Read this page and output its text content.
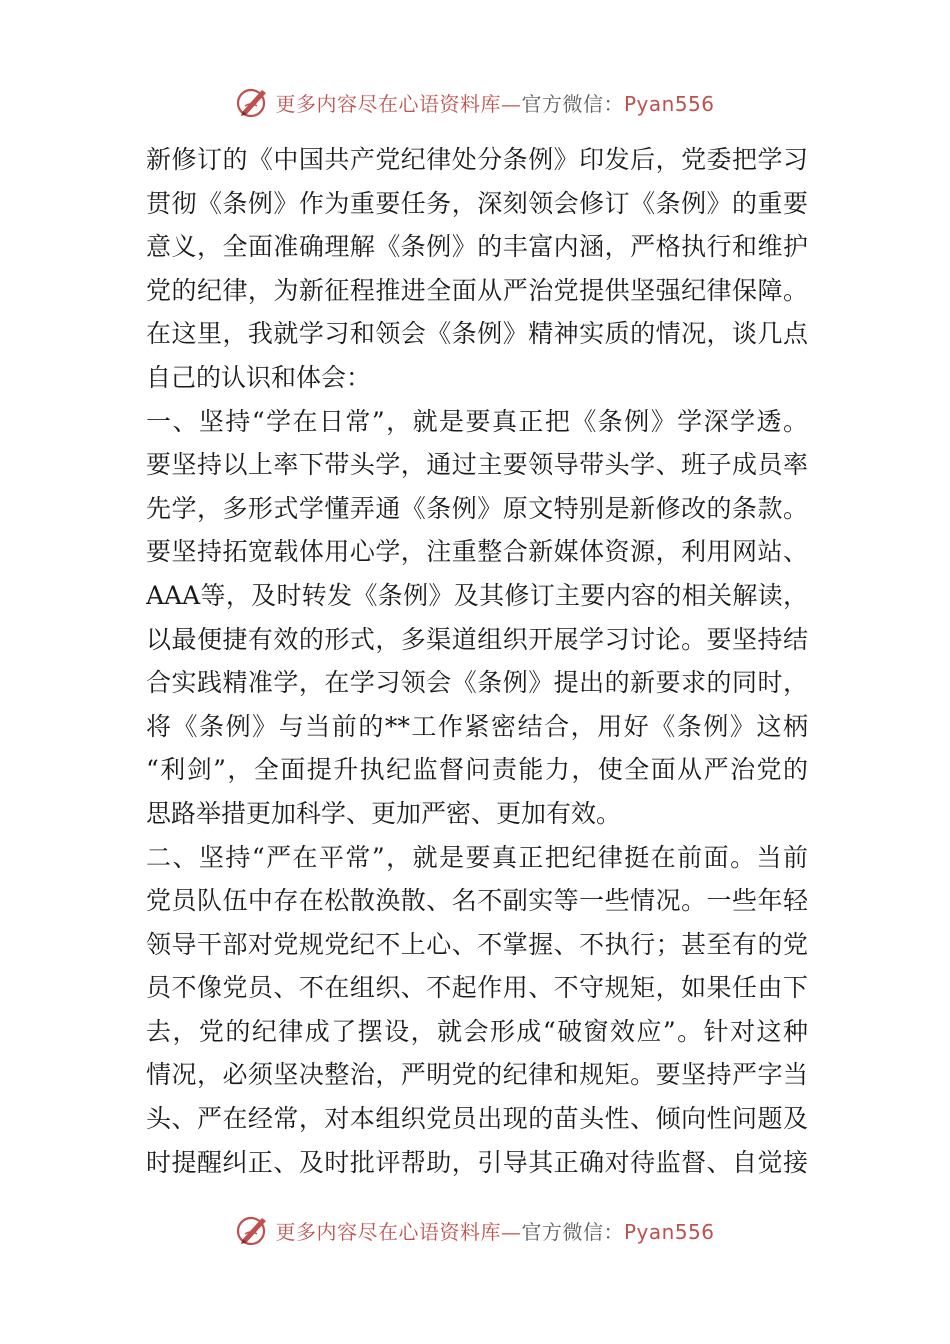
更多内容尽在心语资料库—官方微信：Pyan556
新修订的《中国共产党纪律处分条例》印发后，党委把学习
贯彻《条例》作为重要任务，深刻领会修订《条例》的重要
意义，全面准确理解《条例》的丰富内涵，严格执行和维护
党的纪律，为新征程推进全面从严治党提供坚强纪律保障。
在这里，我就学习和领会《条例》精神实质的情况，谈几点
自己的认识和体会：
一、坚持“学在日常”，就是要真正把《条例》学深学透。
要坚持以上率下带头学，通过主要领导带头学、班子成员率
先学，多形式学懂弄通《条例》原文特别是新修改的条款。
要坚持拓宽载体用心学，注重整合新媒体资源，利用网站、
AAA等，及时转发《条例》及其修订主要内容的相关解读，
以最便捷有效的形式，多渠道组织开展学习讨论。要坚持结
合实践精准学，在学习领会《条例》提出的新要求的同时，
将《条例》与当前的**工作紧密结合，用好《条例》这柄
“利剑”，全面提升执纪监督问责能力，使全面从严治党的
思路举措更加科学、更加严密、更加有效。
二、坚持“严在平常”，就是要真正把纪律挺在前面。当前
党员队伍中存在松散涣散、名不副实等一些情况。一些年轻
领导干部对党规党纪不上心、不掌握、不执行；甚至有的党
员不像党员、不在组织、不起作用、不守规矩，如果任由下
去，党的纪律成了摆设，就会形成“破窗效应”。针对这种
情况，必须坚决整治，严明党的纪律和规矩。要坚持严字当
头、严在经常，对本组织党员出现的苗头性、倾向性问题及
时提醒纠正、及时批评帮助，引导其正确对待监督、自觉接
更多内容尽在心语资料库—官方微信：Pyan556
